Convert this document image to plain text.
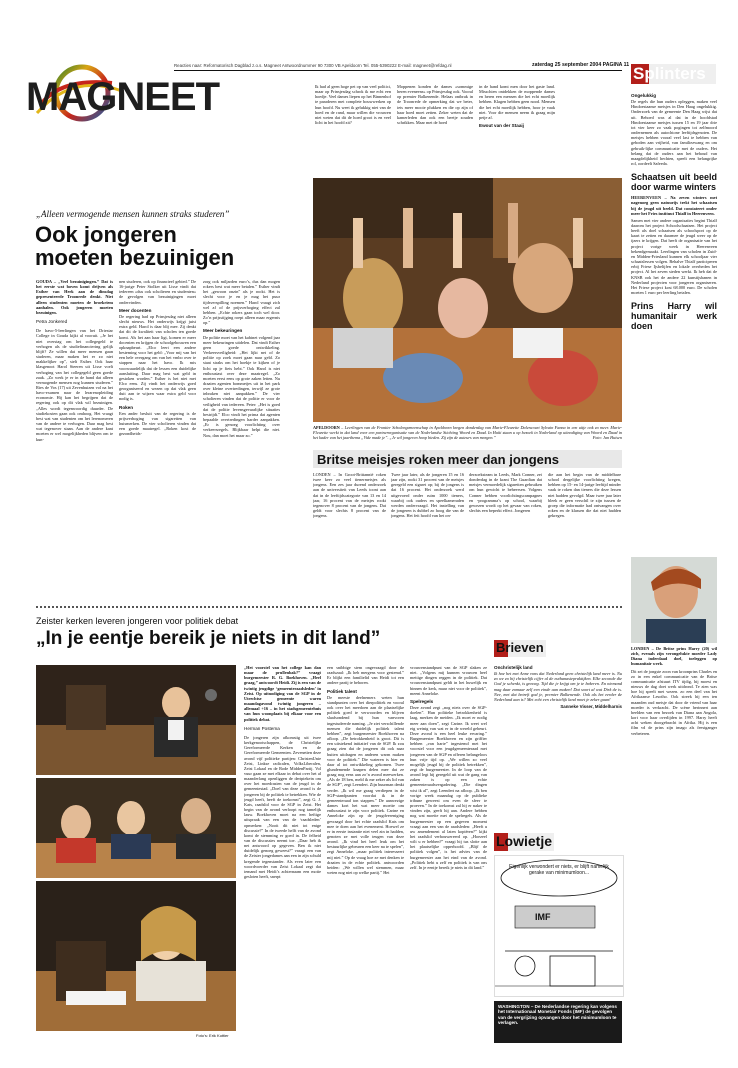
MAGNEET
Reacties naar: Reformatorisch Dagblad z.o.s. Magneet Antwoordnummer 90 7300 VB Apeldoorn Tel. 055-5390222 E-mail: magneet@refdag.nl	zaterdag 25 september 2004 PAGINA 11
Ik had al geen hoge pet op van veel politici, maar op Prinsjesdag schrok ik me echt een hoedje. Veel dames liepen op het Binnenhof te paraderen met complete bouwwerken op hun hoofd. Nu weet ik gelukkig niet van de hoed en de rand, maar willen die vrouwen niet weten dat dit de hoed groot is en veel licht in het hoofd zit?
Moppenen konden de dames «sommige heren eveneens» op Prinsjesdag ook. Vooral op premier Balkenende. Helaas ontbrak in de Troonrede de opmerking dat we beter, iets meer mooie plukken en die op zijn of haar hoed moet zetten. Zeker weten dat de kamerleden dan ook een beetje zouden schrikken. Maar met de hoed
in de hand komt men door het gaste land. Misschien ontdekken de moppende dames en heren een mensen die het echt moeilijk hebben. Klagen hebben geen nood. Mensen die het echt moeilijk hebben, hoor je vaak niet. Voor die mensen neem ik graag mijn petje af.
Ewout van der Staaij
„Alleen vermogende mensen kunnen straks studeren”
Ook jongeren
moeten bezuinigen

GOUDA – „Veel bezuinigingen.” Dat is het eerste wat boven komt drijven als Esther van Herk aan de dinsdag gepresenteerde Troonrede denkt. Niet alleen studenten moeten de broekriem aanhalen. Ook jongeren moeten bezuinigen.

Petra Jonkered

De havo-5-leerlingen van het Driestar College in Gouda kijkt al vooruit. „Je het niet overstag om het collegegeld te verhogen als de studiefinanciering gelijk blijft? Ze willen dat meer mensen gaan studeren, maar maken het er zo niet makkelijker op”, stelt Esther. Ook haar klasgenoot Harol Steeren uit Lisse voelt verhoging van het collegegeld geen goede zaak. „Zo werk je er in de hand dat alleen vermogende mensen nog kunnen studeren.” Ries de Vos (17) uit Zevenhuizen vol na het havo-examen naar de lerarenopleiding economie. Hij kan het begrijpen dat de regering ook op dit vlak wil bezuinigen. „Alles wordt tegenwoordig duurder. De studiekosten gaan ook omhoog. Het vraagt best wat van studenten om het lerenomeren van de andere te verhogen. Daar mag best wat tegenover staan. Aan de andere kant moeten er wel mogelijkheden blijven om te kun-

nen studeren, ook op financieel gebied.” De 16-jarige Peter Stolker uit Lisse vindt dat iedereen «dus ook scholieren en studenten» de gevolgen van bezuinigingen moet ondervinden.

Meer docenten

De regering had op Prinsjesdag niet alleen slecht nieuws. Het onderwijs krijgt juist extra geld. Harol is daar blij mee. Zij denkt dat dit de kwaliteit van scholen ten goede komt. Als het aan haar ligt, komen er meer docenten en krijgen de schoolgebouwen een opknapbeurt. „Elco leert een andere besteming voor het geld: „Voor mij van het een hele overgang om van het vmbo over te stappen naar het havo. Ik mis voorwaardelijk dat de lessen een duidelijke aansluiting. Daar mag best wat geld in gestoken worden.” Esther is het niet met Elco eens. Zij vindt het onderwijs goed georganiseerd en wezen op dat vlak geen duit aan te wijzen waar extra geld voor nodig is.

Roken

Een ander besluit van de regering is de prijsverhoging van sigaretten van huismerken. De vier scholieren vinden dat een goede maatregel. „Roken kost de gezondheids-

zorg ook miljarden euro’s, dus dan mogen rokers best wat meer betalen.” Esther vindt het „gewoon onzin” als je rookt. Het is slecht voor je en je mag het puur tijdsverspilling noemen.” Harol vraagt zich wel af of de prijsverhoging effect zal hebben. „Echte rokers gaan toch wel door. Zo’n prijsstijging roept alleen maar ergernis op.”

Meer bekeuringen

De politie moet van het kabinet volgend jaar meer bekeuringen uitdelen. Dat vindt Esther geen goede ontwikkeling. Verkeersveiligheid: „Het lijkt net of de politie op zoek moet gaan naar geld. Zo staat straks om het hoekje te kijken of je licht op je fiets hebt.” Ook Harol is niet enthousiast over deze maatregel. „Zo moeten eerst eens op grote zaken letten. Nu draaien agenten bommetjes uit in het park over kleine overtredingen, terwijl ze grote inbraken niet aanpakken.” De vier scholieren vinden dat de politie er voor de veiligheid van iedereen. Peter: „Het is goed dat de politie levensgevaarlijke situaties bestrijdt.” Elco vindt het prima dat agenten bepaalde overtredingen harder aanpakken. „Er is genoeg voorlichting over verkeersregels. Blijkbaar helpt die niet. Nou, dan moet het maar zo.”

APELDOORN – Leerlingen van de Frontier Scholengemeenschap in Apeldoorn kregen donderdag van Marie-Fleurette Dalencourt Sylvain Fanna in een uitje ook zo meer. Marie-Fleurette werkt in dat land voor een partnerorganisatie van de Nederlandse Stichting Woord en Daad. In Haïti staan u op bezoek in Nederland op uitnodiging van Woord en Daad in het kader van het jaarthema „Vide made je”. „Je wil jongeren hoop bieden. Zij zijn de auteurs van morgen.”	Foto: Jan Huisen
Britse meisjes roken meer dan jongens
LONDEN – In Groot-Brittannië roken twee keer zo veel tienermeisjes als jongens. Een zes jaar durend onderzoek aan de universiteit van Leeds toont aan dat in de leeftijdscategorie van 13 en 14 jaar, 16 procent van de meisjes rookt tegenover 8 procent van de jongens. Dat geldt voor slechts 8 procent van de jongens.
Twee jaar later, als de jongeren 15 en 16 jaar zijn, rookt 31 procent van de meisjes geregeld een sigaret op; bij de jongens is dat 16 procent. Het onderzoek werd uitgevoerd onder ruim 1000 tieners, waarbij ook ouders en speelkameraden werden ondervraagd. Het instelling van de jongeren is dubbel zo hoog die van de jongens. Het feit hoofd van het on-
derzoeksteam in Leeds, Mark Conner, zei donderdag in de krant The Guardian dat meisjes vermoedelijk sigaretten gebruiken om hun gewicht te beheersen. Volgens Conner hebben voorlichtingscampagnes en -programma’s op school, waarbij gewezen wordt op het gevaar van roken, slechts een beperkt effect. Jongeren
die aan het begin van de middelbare school dergelijke voorlichting kregen, hebben op 15- en 14-jarige leeftijd minder vaak te roken dan tieners die deze lessen niet hadden gevolgd. Maar twee jaar later bleek er geen verschil te zijn tussen de groep die informatie had ontvangen over roken en de klassen die dat niet hadden gekregen.
Splinters
Ongelukkig

De regels die hun ouders opleggen, maken veel Hindoestaanse meisjes in Den Haag ongelukkig. Onderzoek van de gemeente Den Haag wijst dat uit. Behoed was al dat in de hoofdstad Hindoestaanse meisjes tussen 15 en 19 jaar drie tot vier keer zo vaak pogingen tot zelfmoord ondernemen als autochtone leeftijdsgenoten. De meisjes hebben vooral veel last te hebben van geboden aan vrijheid, van familiezwang en om gebruik-lijke communicatie met de ouders. Het belang dat de ouders aan het behoud van maagdelijkheid hechten, speelt een belangrijke rol, oordeelt Safeeda.

Schaatsen uit beeld door warme winters

HEERENVEEN – Na zeven winters met nagenoeg geen natuurijs trekt het schaatsen bij de jeugd uit beeld. Dat constateert onder meer het Fries instituut Thialf in Heerenveen.

Samen met vier andere organisaties begint Thialf daarom het project Schoolschaatsen. Het project heeft als doel schaatsen als schoolsport op de kaart te zetten en daarmee de jeugd weer op de ijzers te krijgen. Dat heeft de organisatie van het project vorige week in Heerenveen bekendgemaakt. Leerlingen van scholen in Zuid- en Midden-Friesland kunnen elk schooljaar vier schaatslessen volgen. Behalve Thialf participeren erbij Friese Ijsbelijfen en lokale overheden het project. Al het zeven steden werkt. Ik heb dat de KNSB ook het de andere 22 kunstijsbanen in Nederland projecten voor jongeren organiseren. Het Friese project kost 68.000 euro. De scholen moeten 1 euro per leerling betalen.

Prins Harry wil humanitair werk doen

LONDEN – De Britse prins Harry (20) wil zich, evenals zijn verongelukte moeder Lady Diana inderdaad doel, toeleggen op humanitair werk.

Dit zei de jongste zoon van kroonprins Charles en zo in een enkel communicatie van de Britse communicatie afstuurt ITV tijdig, hij moest en nieuws de dag doet werk uitdrond. Te zien was hoe hij speelt met wezen. zo een deel van het Afrikaanse Lesotho. Ook streek hij een ten maanden oud meisje dat door de vriend van haar moeder is verkracht. De scène herinnert aan beelden van een bezoek van Diana aan Angola, kort voor haar overlijden in 1997. Harry heeft acht weken doorgebracht in Afrika. Hij is een film vd de prins zijn imago als feestganger verbeteren.

Zeister kerken leveren jongeren voor politiek debat
„In je eentje bereik je niets in dit land”
Foto’s: Erik Kottier

„Het voorstel van het college kan dan maar de prullenbak?” vraagt burgemeester R. G. Boekhoven. „Heel graag,” antwoordt Heidi. Zij is een van de twintig jeugdige ‘gemeenteraadsleden’ in Zeist. Op uitnodiging van de SGP in de Utrechtse gemeente waren maandagavond twintig jongeren – allemaal +16 – in het stadsgemeentehuis van hun woonplaats bij elkaar voor een politiek debat.

Herman Postema

De jongeren zijn afkomstig uit twee kerkgenootschappen, de Christelijke Gereformeerde Kerken en de Gereformeerde Gemeenten. Zevenetien deze avond vijf politieke partijen: ChristenUnie Zeist, Linkse radicalen, VolksLiberalen, Zeist Lokaal en de Rode MiddenPartij. Vol vuur gaan ze met elkaar in debat over het al maanderlang openliggen de dertpiekein om over het moedrasien van de jeugd in de gemeentestad. „Doel van deze avond is de jongeren bij de politiek te betrekken. Wie de jeugd heeft, heeft de toekomst”, zegt G. J. Kats, raadslid voor de SGP in Zeist. Het begin van de avond verloopt nog tamelijk lauw. Boekhoven moet na een heftige uitspraak van een van de ‘raadsleden’ opmerken: „Nooit dit niet tot enige discussie?” In de tweede helft van de avond komt de stemming er goed in. De felheid van de discussies neemt toe. „Daar heb ik net antwoord op gegeven. Ben ik niet duidelijk genoeg geweest?” vraagt een van de Zeister jongedames aan een in zijn schuld kregende tegenstander. Als even later een woordvoerder van Zeist Lokaal zegt dat iemand met Heidi’s achternaam een motie gesloten heeft, snerpt

een snibbige stem ongevraagd door de raadszaal: „Ik heb mergens voor gestemd.” Er blijkt een familielid van Heidi tot een andere partij te behoren.

Politiek talent

De meeste deelnemers weten hun standpunten over het dierpolitiek en vooral ook over het meedoen aan de plaatselijke politiek goed te verwoorden en blijven slaafsondend bij hun vanvoren ingestudeerde naming. „Je ziet verschillende mensen die duidelijk politiek talent hebben”, zegt burgemeester Boekhoven na afloop. „De betrokkenheid is groot. Dit is een uitstekend initiatief van de SGP. Ik zou graag zien dat de jongeren dit ook naar buiten uitdragen en anderen warm maken voor de politiek.” Die wateren is hier en daar al tot ontwikkeling gekomen. Twee glundemende knapen delen mee dat ze graag nog eens aan zo’n avond meewerken. „Als de 18 ben, meld ik me zeker als lid van de SGP”, zegt Leendert. Zijn buurman denkt verder. „Ik wil me graag verdiepen in de SGP-standpunten voordat ik in de gemeenteraad ton stappen.” De aanwezige dames kort het wat meer moeite om enthousiast te zijn voor politiek. Carine en Anneloke zijn op de jeugdvereniging gevraagd door het echte raadslid Kats om mee te doen aan het evenement. Hoewel ze er in eerste instantie niet veel zin in hadden, genoten ze met volle teugen van deze avond. „Ik vind het heel leuk om het bestuurlijke gebeuren een keer na te spelen”, zegt Anneloke. „maar politiek interesseert mij niet.” Op de vraag hoe ze met denken te draaien in de echte politiek. antwoorden beiden: „We willen wel stemmen, maar weten nog niet op welke partij.” Het

vrouwenstandpunt van de SGP slaken ze niet. „Volgens mij kunnen vrouwen heel mettige dingen reggen in de politiek. Dat vrouwenstandpunt geldt in het huwelijk en binnen de kerk, maar niet voor de politiek”, meent Anneloke.

Spelregels

Deze avond zegt „nog niets over de SGP-doelen”. Hun politieke betrokkenheid is laag, merken de meiden. „Ik moet er nodig meer aan doen”, zegt Carine. Ik weet wel eig weinig van wat er in de wereld gebeurt. Deze avond is een heel leuke ervaring.” Burgemeester Boekhoven en zijn griffier hebben „van harte” ingestemd met het voorstel voor een jeugdgemeenteraad met jongeren van de SGP en offeren belangeloos hun vrije tijd op. „We willen zo veel mogelijk jeugd bij de politiek betrekken”, zegt de burgemeester. In de loop van de avond legt hij geregeld uit wat de gang van zaken is op een echte gemeenteraadsvergadering. „Die dingen wist ik al”, zegt Leendert na afloop. „Ik ben vorige week maandag op de publieke tribune geweest om even de sfeer te proeven.” In de toekomst zal hij er naker te vinden zijn, geeft hij aan. Andere hebben nog wat moeite met de spelregels. Als de burgemeester op een gegeven moment vraagt aan een van de raadsleden: „Heeft u uw amendement al laten kopiëren?” kijkt het raadslid verbouwereerd op. „Hoezeel wilt u er hebben?” vraagt hij tus slotte aan het plaatselijke opperhoofd. „Blijf de politiek volgen”, is het advies van de burgemeester aan het eind van de avond. „Politiek hebt u zelf en politiek is van ons zelf. In je eentje bereik je niets in dit land.”

Brieven
Onchristelijk land

Ik hoe het met Anne vons dat Nederland geen christelijk land meer is. Nu zo we zo bij christelijk cijfer al de euthanasiepraktijken. Elke seconde die God je schenkt, is genoeg. Tijd die je krijgt om je te bekeren. En niemand mag daar zomaar zelf een einde aan maken! Dat soort al wat Dirk de is. Nee, met dat betreft god je, premier Balkenende. Ook als het eerder de Nederland aan is? Met echt een christelijk land moet je zeker gaan!

Sanneke Visser, Middelharnis

Lowietje
Eigenlijk verwondert er niets, er blijft namelijk gerake van minimumloon...
IMF
WASHINGTON – De Nederlandse regering kan volgens het Internationaal Monetair Fonds (IMF) de gevolgen van de vergrijzing opvangen door het minimumloon te verlagen.
